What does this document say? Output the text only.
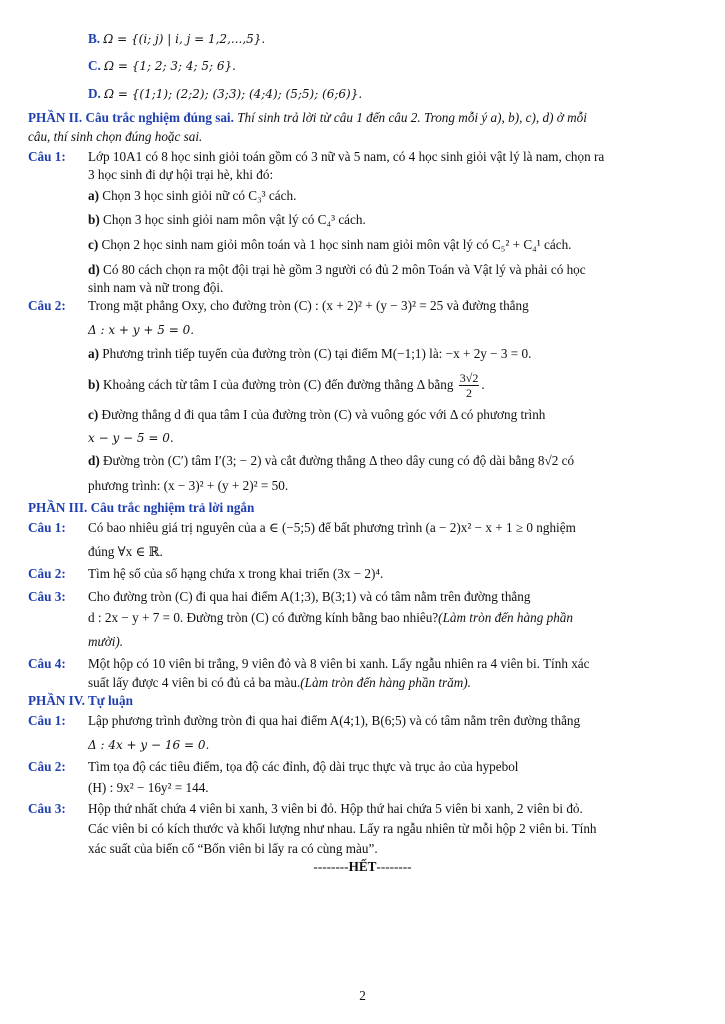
B. Ω = {(i; j) | i, j = 1,2,...,5}.
C. Ω = {1; 2; 3; 4; 5; 6}.
D. Ω = {(1;1); (2;2); (3;3); (4;4); (5;5); (6;6)}.
PHẦN II. Câu trắc nghiệm đúng sai. Thí sinh trả lời từ câu 1 đến câu 2. Trong mỗi ý a), b), c), d) ở mỗi
câu, thí sinh chọn đúng hoặc sai.
Câu 1: Lớp 10A1 có 8 học sinh giỏi toán gồm có 3 nữ và 5 nam, có 4 học sinh giỏi vật lý là nam, chọn ra
3 học sinh đi dự hội trại hè, khi đó:
a) Chọn 3 học sinh giỏi nữ có C₃³ cách.
b) Chọn 3 học sinh giỏi nam môn vật lý có C₄³ cách.
c) Chọn 2 học sinh nam giỏi môn toán và 1 học sinh nam giỏi môn vật lý có C₅² + C₄¹ cách.
d) Có 80 cách chọn ra một đội trại hè gồm 3 người có đủ 2 môn Toán và Vật lý và phải có học
sinh nam và nữ trong đội.
Câu 2: Trong mặt phẳng Oxy, cho đường tròn (C) : (x + 2)² + (y − 3)² = 25 và đường thẳng
Δ : x + y + 5 = 0.
a) Phương trình tiếp tuyến của đường tròn (C) tại điểm M(−1;1) là: −x + 2y − 3 = 0.
b) Khoảng cách từ tâm I của đường tròn (C) đến đường thẳng Δ bằng $\frac{3√2}{2}$ .
c) Đường thẳng d đi qua tâm I của đường tròn (C) và vuông góc với Δ có phương trình
x − y − 5 = 0.
d) Đường tròn (C′) tâm I′(3; − 2) và cắt đường thẳng Δ theo dây cung có độ dài bằng 8√2 có
phương trình: (x − 3)² + (y + 2)² = 50.
PHẦN III. Câu trắc nghiệm trả lời ngắn
Câu 1: Có bao nhiêu giá trị nguyên của a ∈ (−5;5) để bất phương trình (a − 2)x² − x + 1 ≥ 0 nghiệm
đúng ∀x ∈ ℝ.
Câu 2: Tìm hệ số của số hạng chứa x trong khai triển (3x − 2)⁴.
Câu 3: Cho đường tròn (C) đi qua hai điểm A(1;3), B(3;1) và có tâm nằm trên đường thẳng
d : 2x − y + 7 = 0. Đường tròn (C) có đường kính bằng bao nhiêu?(Làm tròn đến hàng phần
mười).
Câu 4: Một hộp có 10 viên bi trắng, 9 viên đỏ và 8 viên bi xanh. Lấy ngẫu nhiên ra 4 viên bi. Tính xác
suất lấy được 4 viên bi có đủ cả ba màu.(Làm tròn đến hàng phần trăm).
PHẦN IV. Tự luận
Câu 1: Lập phương trình đường tròn đi qua hai điểm A(4;1), B(6;5) và có tâm nằm trên đường thẳng
Δ : 4x + y − 16 = 0.
Câu 2: Tìm tọa độ các tiêu điểm, tọa độ các đỉnh, độ dài trục thực và trục ảo của hypebol
(H) : 9x² − 16y² = 144.
Câu 3: Hộp thứ nhất chứa 4 viên bi xanh, 3 viên bi đỏ. Hộp thứ hai chứa 5 viên bi xanh, 2 viên bi đỏ.
Các viên bi có kích thước và khối lượng như nhau. Lấy ra ngẫu nhiên từ mỗi hộp 2 viên bi. Tính
xác suất của biến cố “Bốn viên bi lấy ra có cùng màu”.
--------HẾT--------
2
